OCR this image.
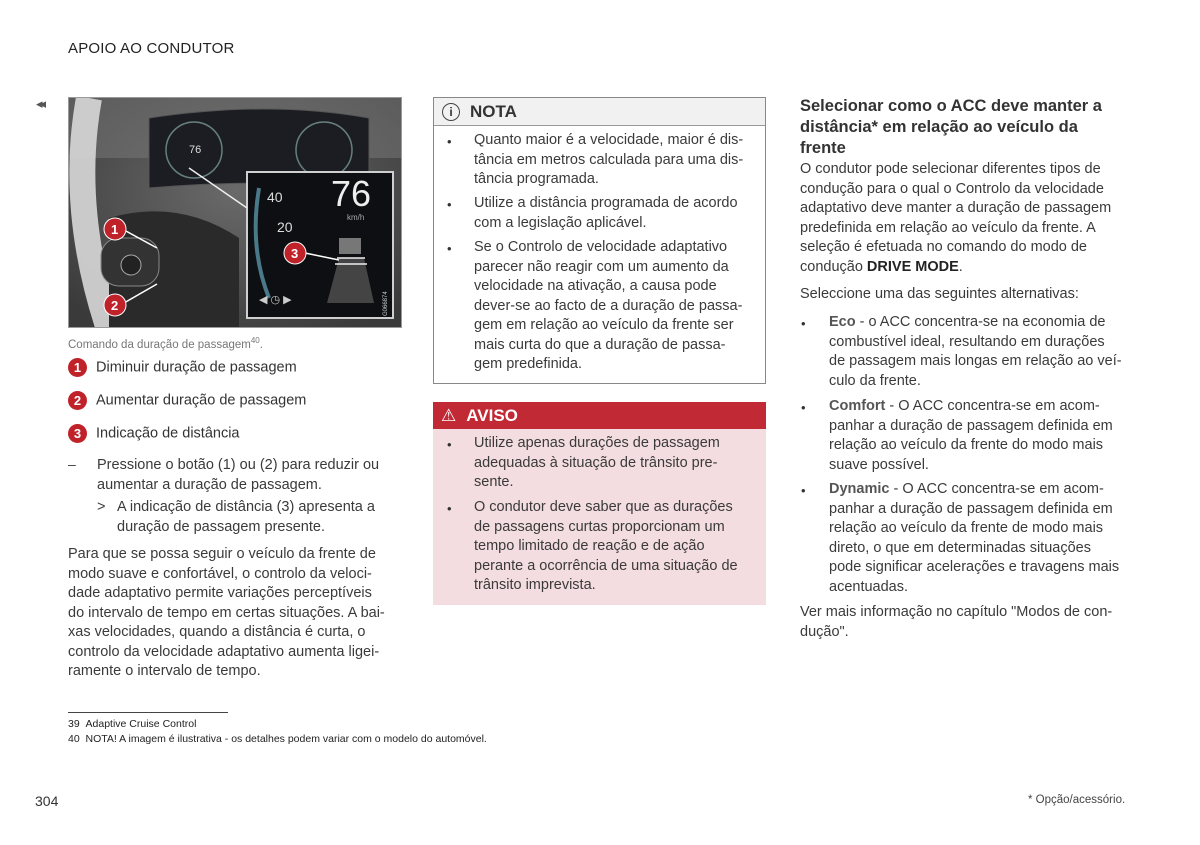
APOIO AO CONDUTOR
◂◂
76
40
20
76
km/h
◀ ◷ ▶	G066874
1
2
3
Comando da duração de passagem$^{40}$.
1 Diminuir duração de passagem
2 Aumentar duração de passagem
3 Indicação de distância
– Pressione o botão (1) ou (2) para reduzir ou
aumentar a duração de passagem.
> A indicação de distância (3) apresenta a
duração de passagem presente.
Para que se possa seguir o veículo da frente de
modo suave e confortável, o controlo da veloci-
dade adaptativo permite variações perceptíveis
do intervalo de tempo em certas situações. A bai-
xas velocidades, quando a distância é curta, o
controlo da velocidade adaptativo aumenta ligei-
ramente o intervalo de tempo.
i	NOTA
• Quanto maior é a velocidade, maior é dis-
tância em metros calculada para uma dis-
tância programada.
• Utilize a distância programada de acordo
com a legislação aplicável.
• Se o Controlo de velocidade adaptativo
parecer não reagir com um aumento da
velocidade na ativação, a causa pode
dever-se ao facto de a duração de passa-
gem em relação ao veículo da frente ser
mais curta do que a duração de passa-
gem predefinida.
⚠ AVISO
• Utilize apenas durações de passagem
adequadas à situação de trânsito pre-
sente.
• O condutor deve saber que as durações
de passagens curtas proporcionam um
tempo limitado de reação e de ação
perante a ocorrência de uma situação de
trânsito imprevista.
Selecionar como o ACC deve manter a
distância* em relação ao veículo da
frente
O condutor pode selecionar diferentes tipos de
condução para o qual o Controlo da velocidade
adaptativo deve manter a duração de passagem
predefinida em relação ao veículo da frente. A
seleção é efetuada no comando do modo de
condução DRIVE MODE.
Seleccione uma das seguintes alternativas:
• Eco - o ACC concentra-se na economia de
combustível ideal, resultando em durações
de passagem mais longas em relação ao veí-
culo da frente.
• Comfort - O ACC concentra-se em acom-
panhar a duração de passagem definida em
relação ao veículo da frente do modo mais
suave possível.
• Dynamic - O ACC concentra-se em acom-
panhar a duração de passagem definida em
relação ao veículo da frente de modo mais
direto, o que em determinadas situações
pode significar acelerações e travagens mais
acentuadas.
Ver mais informação no capítulo "Modos de con-
dução".
39 Adaptive Cruise Control
40 NOTA! A imagem é ilustrativa - os detalhes podem variar com o modelo do automóvel.
304	* Opção/acessório.
